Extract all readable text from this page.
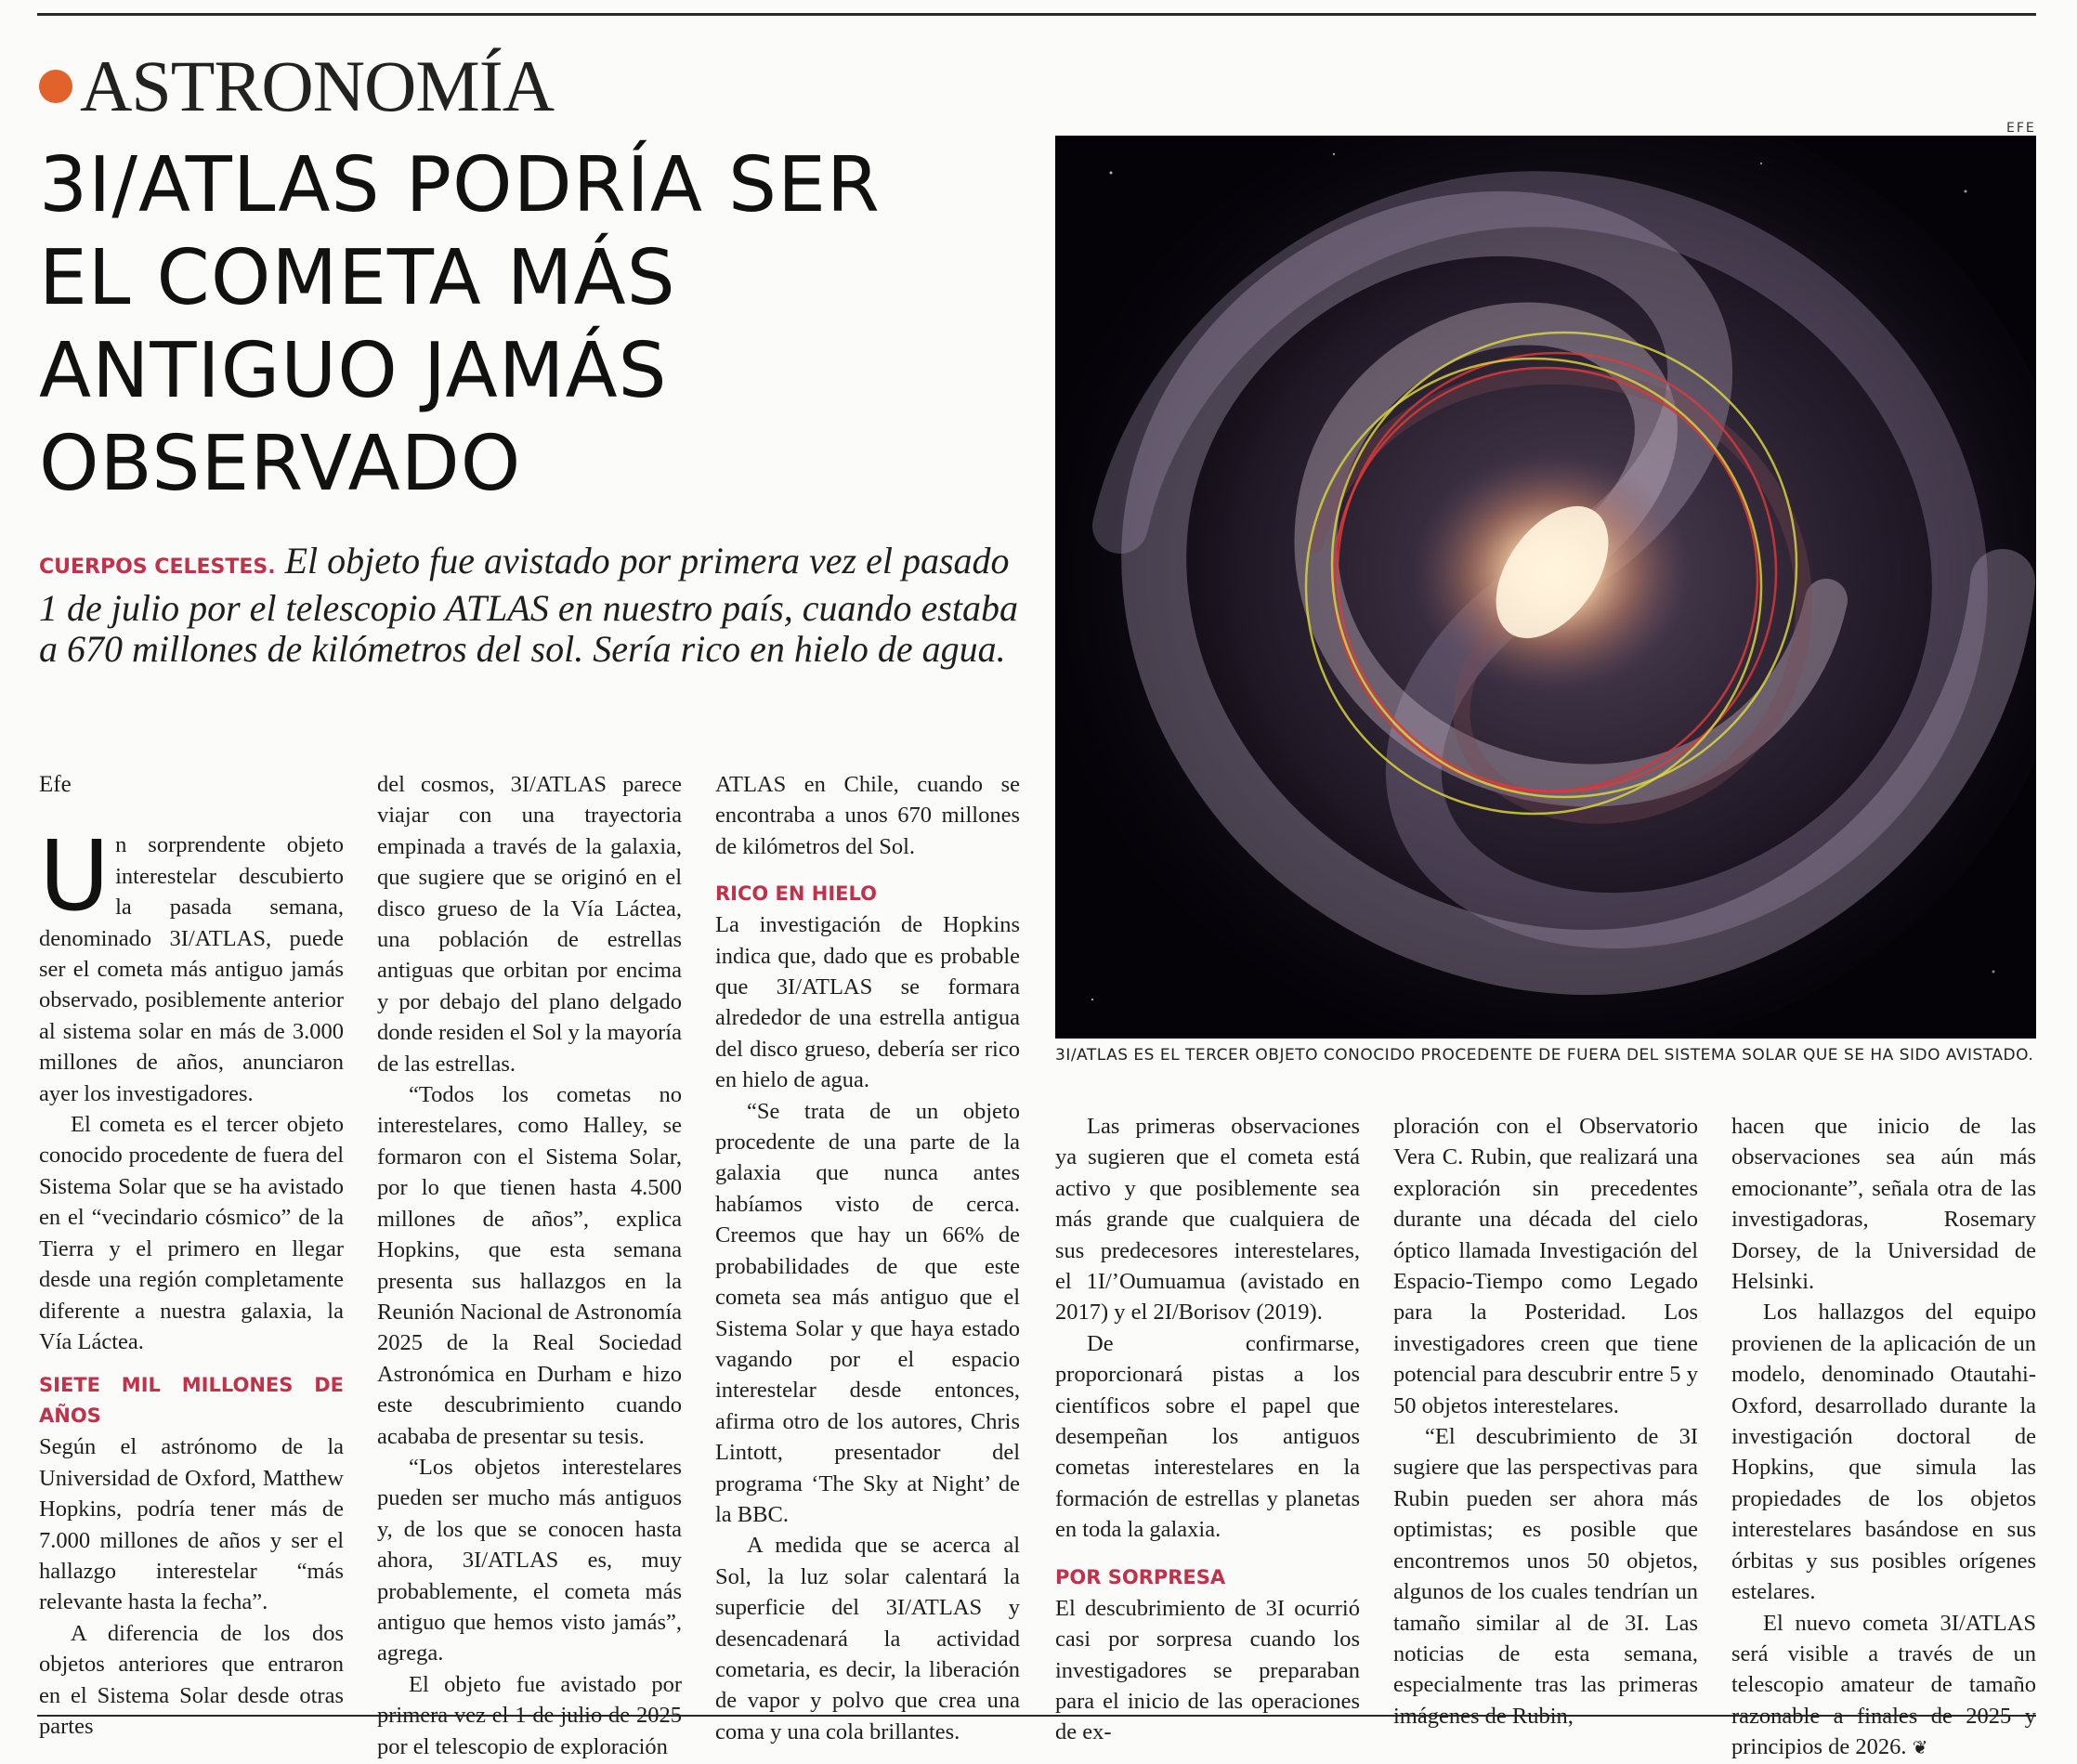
ASTRONOMÍA
3I/ATLAS PODRÍA SER
EL COMETA MÁS
ANTIGUO JAMÁS
OBSERVADO
CUERPOS CELESTES. El objeto fue avistado por primera vez el pasado 1 de julio por el telescopio ATLAS en nuestro país, cuando estaba a 670 millones de kilómetros del sol. Sería rico en hielo de agua.
EFE
3I/ATLAS ES EL TERCER OBJETO CONOCIDO PROCEDENTE DE FUERA DEL SISTEMA SOLAR QUE SE HA SIDO AVISTADO.

Efe

Un sorprendente objeto interestelar descubierto la pasada semana, denominado 3I/ATLAS, puede ser el cometa más antiguo jamás observado, posiblemente anterior al sistema solar en más de 3.000 millones de años, anunciaron ayer los investigadores.

El cometa es el tercer objeto conocido procedente de fuera del Sistema Solar que se ha avistado en el “vecindario cósmico” de la Tierra y el primero en llegar desde una región completamente diferente a nuestra galaxia, la Vía Láctea.

SIETE MIL MILLONES DE AÑOS

Según el astrónomo de la Universidad de Oxford, Matthew Hopkins, podría tener más de 7.000 millones de años y ser el hallazgo interestelar “más relevante hasta la fecha”.

A diferencia de los dos objetos anteriores que entraron en el Sistema Solar desde otras partes

del cosmos, 3I/ATLAS parece viajar con una trayectoria empinada a través de la galaxia, que sugiere que se originó en el disco grueso de la Vía Láctea, una población de estrellas antiguas que orbitan por encima y por debajo del plano delgado donde residen el Sol y la mayoría de las estrellas.

“Todos los cometas no interestelares, como Halley, se formaron con el Sistema Solar, por lo que tienen hasta 4.500 millones de años”, explica Hopkins, que esta semana presenta sus hallazgos en la Reunión Nacional de Astronomía 2025 de la Real Sociedad Astronómica en Durham e hizo este descubrimiento cuando acababa de presentar su tesis.

“Los objetos interestelares pueden ser mucho más antiguos y, de los que se conocen hasta ahora, 3I/ATLAS es, muy probablemente, el cometa más antiguo que hemos visto jamás”, agrega.

El objeto fue avistado por primera vez el 1 de julio de 2025 por el telescopio de exploración

ATLAS en Chile, cuando se encontraba a unos 670 millones de kilómetros del Sol.

RICO EN HIELO

La investigación de Hopkins indica que, dado que es probable que 3I/ATLAS se formara alrededor de una estrella antigua del disco grueso, debería ser rico en hielo de agua.

“Se trata de un objeto procedente de una parte de la galaxia que nunca antes habíamos visto de cerca. Creemos que hay un 66% de probabilidades de que este cometa sea más antiguo que el Sistema Solar y que haya estado vagando por el espacio interestelar desde entonces, afirma otro de los autores, Chris Lintott, presentador del programa ‘The Sky at Night’ de la BBC.

A medida que se acerca al Sol, la luz solar calentará la superficie del 3I/ATLAS y desencadenará la actividad cometaria, es decir, la liberación de vapor y polvo que crea una coma y una cola brillantes.

Las primeras observaciones ya sugieren que el cometa está activo y que posiblemente sea más grande que cualquiera de sus predecesores interestelares, el 1I/’Oumuamua (avistado en 2017) y el 2I/Borisov (2019).

De confirmarse, proporcionará pistas a los científicos sobre el papel que desempeñan los antiguos cometas interestelares en la formación de estrellas y planetas en toda la galaxia.

POR SORPRESA

El descubrimiento de 3I ocurrió casi por sorpresa cuando los investigadores se preparaban para el inicio de las operaciones de ex-

ploración con el Observatorio Vera C. Rubin, que realizará una exploración sin precedentes durante una década del cielo óptico llamada Investigación del Espacio-Tiempo como Legado para la Posteridad. Los investigadores creen que tiene potencial para descubrir entre 5 y 50 objetos interestelares.

“El descubrimiento de 3I sugiere que las perspectivas para Rubin pueden ser ahora más optimistas; es posible que encontremos unos 50 objetos, algunos de los cuales tendrían un tamaño similar al de 3I. Las noticias de esta semana, especialmente tras las primeras imágenes de Rubin,

hacen que inicio de las observaciones sea aún más emocionante”, señala otra de las investigadoras, Rosemary Dorsey, de la Universidad de Helsinki.

Los hallazgos del equipo provienen de la aplicación de un modelo, denominado Otautahi-Oxford, desarrollado durante la investigación doctoral de Hopkins, que simula las propiedades de los objetos interestelares basándose en sus órbitas y sus posibles orígenes estelares.

El nuevo cometa 3I/ATLAS será visible a través de un telescopio amateur de tamaño razonable a finales de 2025 y principios de 2026. ❦
